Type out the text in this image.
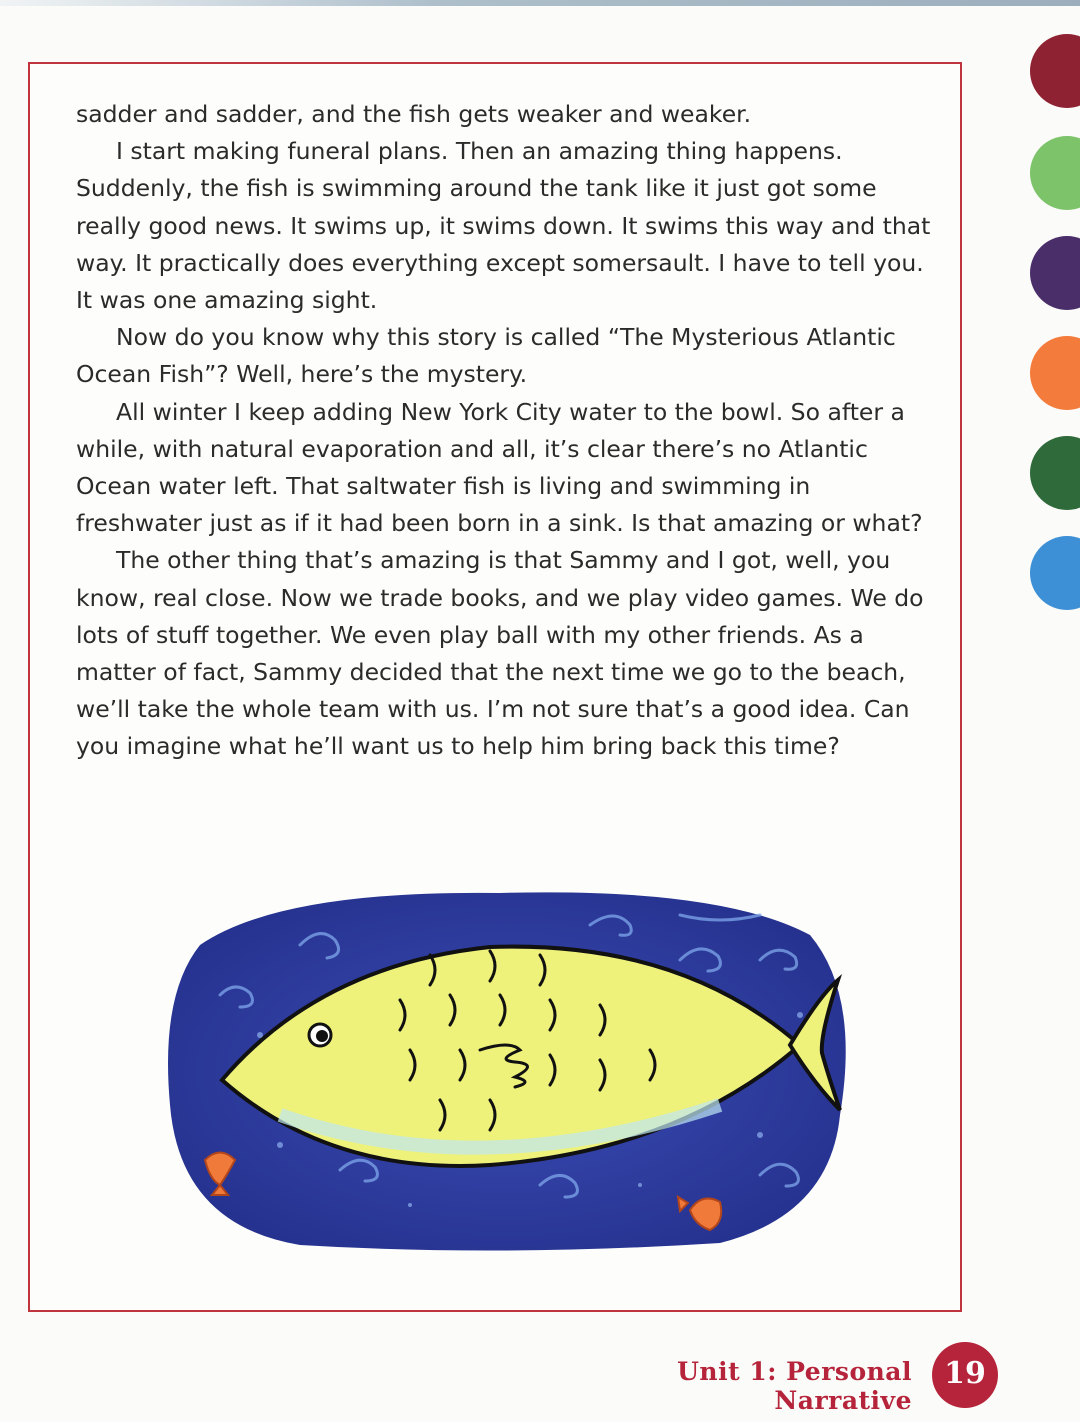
sadder and sadder, and the fish gets weaker and weaker.

I start making funeral plans. Then an amazing thing happens. Suddenly, the fish is swimming around the tank like it just got some really good news. It swims up, it swims down. It swims this way and that way. It practically does everything except somersault. I have to tell you. It was one amazing sight.

Now do you know why this story is called “The Mysterious Atlantic Ocean Fish”? Well, here’s the mystery.

All winter I keep adding New York City water to the bowl. So after a while, with natural evaporation and all, it’s clear there’s no Atlantic Ocean water left. That saltwater fish is living and swimming in freshwater just as if it had been born in a sink. Is that amazing or what?

The other thing that’s amazing is that Sammy and I got, well, you know, real close. Now we trade books, and we play video games. We do lots of stuff together. We even play ball with my other friends. As a matter of fact, Sammy decided that the next time we go to the beach, we’ll take the whole team with us. I’m not sure that’s a good idea. Can you imagine what he’ll want us to help him bring back this time?

Unit 1: Personal Narrative
19
